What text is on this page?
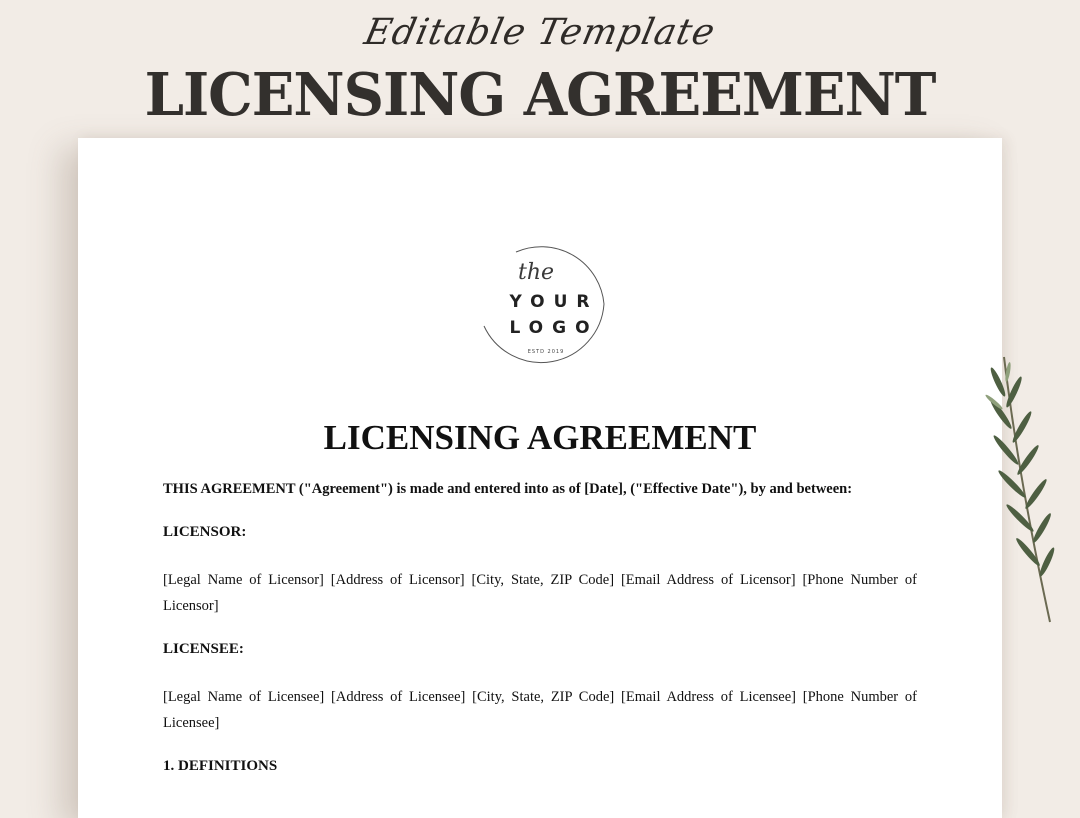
Editable Template
LICENSING AGREEMENT
the
YOUR
LOGO
ESTD 2019
LICENSING AGREEMENT

THIS AGREEMENT ("Agreement") is made and entered into as of [Date], ("Effective Date"), by and between:

LICENSOR:

[Legal Name of Licensor] [Address of Licensor] [City, State, ZIP Code] [Email Address of Licensor] [Phone Number of Licensor]

LICENSEE:

[Legal Name of Licensee] [Address of Licensee] [City, State, ZIP Code] [Email Address of Licensee] [Phone Number of Licensee]

1. DEFINITIONS
